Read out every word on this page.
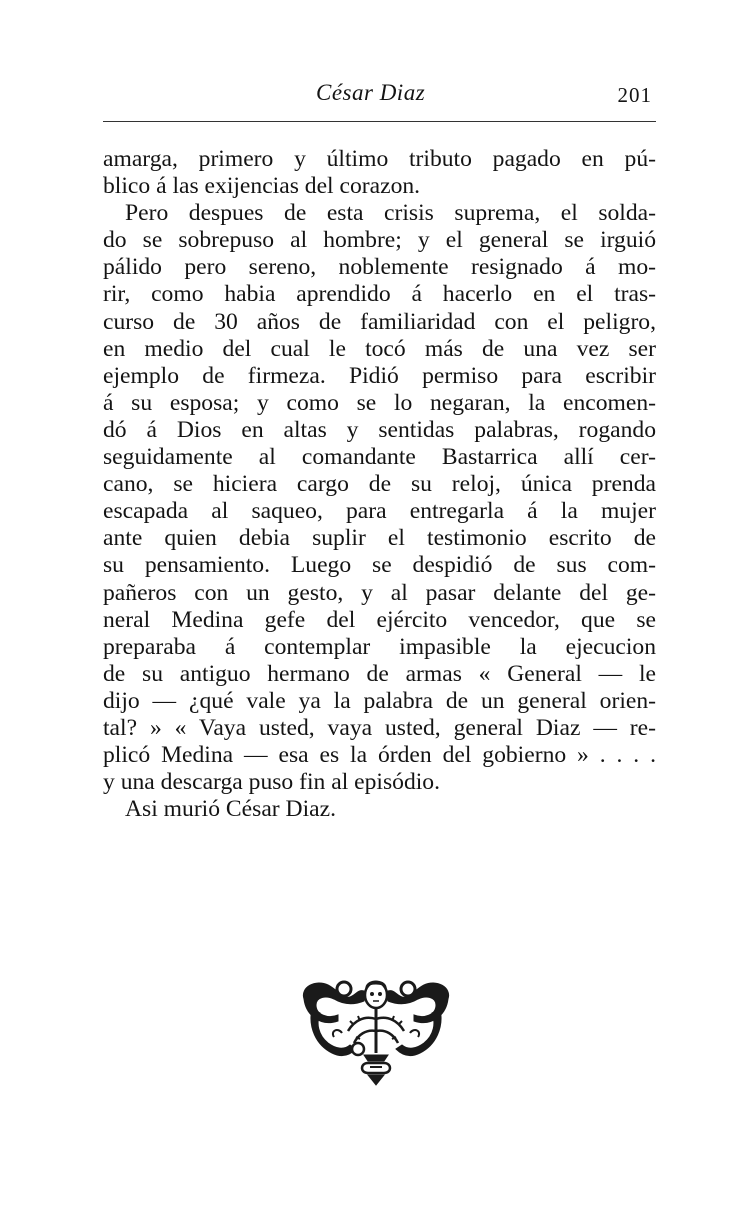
César Diaz	201
amarga, primero y último tributo pagado en pú-
blico á las exijencias del corazon.
Pero despues de esta crisis suprema, el solda-
do se sobrepuso al hombre; y el general se irguió
pálido pero sereno, noblemente resignado á mo-
rir, como habia aprendido á hacerlo en el tras-
curso de 30 años de familiaridad con el peligro,
en medio del cual le tocó más de una vez ser
ejemplo de firmeza. Pidió permiso para escribir
á su esposa; y como se lo negaran, la encomen-
dó á Dios en altas y sentidas palabras, rogando
seguidamente al comandante Bastarrica allí cer-
cano, se hiciera cargo de su reloj, única prenda
escapada al saqueo, para entregarla á la mujer
ante quien debia suplir el testimonio escrito de
su pensamiento. Luego se despidió de sus com-
pañeros con un gesto, y al pasar delante del ge-
neral Medina gefe del ejército vencedor, que se
preparaba á contemplar impasible la ejecucion
de su antiguo hermano de armas « General — le
dijo — ¿qué vale ya la palabra de un general orien-
tal? » « Vaya usted, vaya usted, general Diaz — re-
plicó Medina — esa es la órden del gobierno » . . . .
y una descarga puso fin al episódio.
Asi murió César Diaz.
